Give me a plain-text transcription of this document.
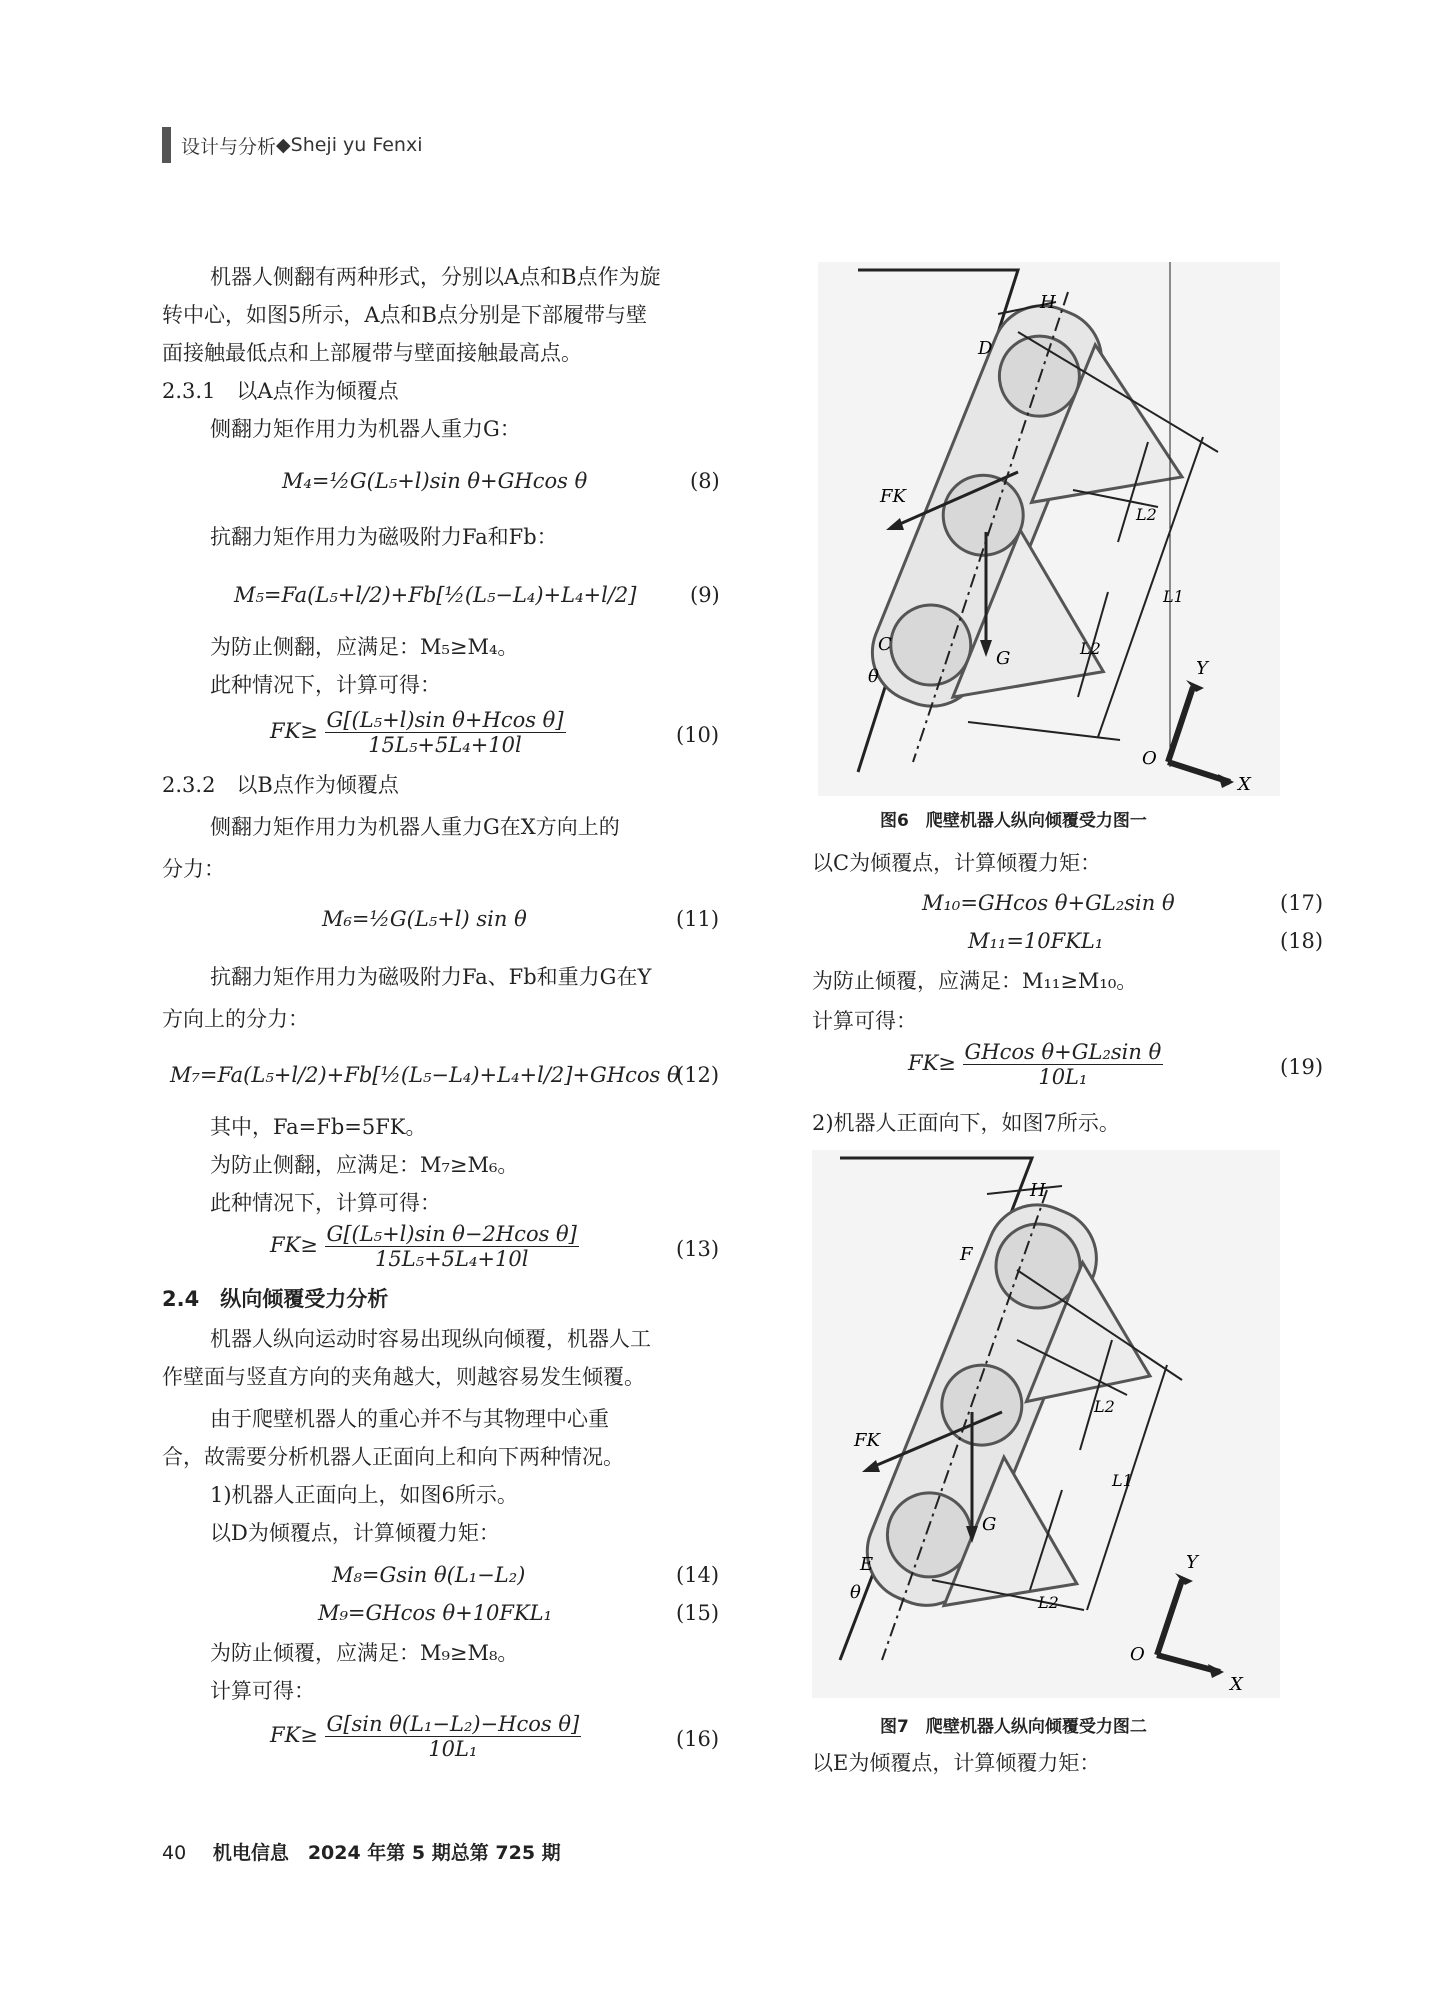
设计与分析 ◆ Sheji yu Fenxi
机器人侧翻有两种形式，分别以A点和B点作为旋
转中心，如图5所示，A点和B点分别是下部履带与壁
面接触最低点和上部履带与壁面接触最高点。
2.3.1　以A点作为倾覆点
侧翻力矩作用力为机器人重力G：
M₄=½G(L₅+l)sin θ+GHcos θ	(8)
抗翻力矩作用力为磁吸附力Fa和Fb：
M₅=Fa(L₅+l/2)+Fb[½(L₅−L₄)+L₄+l/2]	(9)
为防止侧翻，应满足：M₅≥M₄。
此种情况下，计算可得：
$FK\ge \frac{\text{G[(L₅+l)sin θ+Hcos θ]}}{\text{15L₅+5L₄+10l}}$	(10)
2.3.2　以B点作为倾覆点
侧翻力矩作用力为机器人重力G在X方向上的
分力：
M₆=½G(L₅+l) sin θ	(11)
抗翻力矩作用力为磁吸附力Fa、Fb和重力G在Y
方向上的分力：
M₇=Fa(L₅+l/2)+Fb[½(L₅−L₄)+L₄+l/2]+GHcos θ
(12)
其中，Fa=Fb=5FK。
为防止侧翻，应满足：M₇≥M₆。
此种情况下，计算可得：
$FK\ge \frac{\text{G[(L₅+l)sin θ−2Hcos θ]}}{\text{15L₅+5L₄+10l}}$	(13)
2.4　纵向倾覆受力分析
机器人纵向运动时容易出现纵向倾覆，机器人工
作壁面与竖直方向的夹角越大，则越容易发生倾覆。
由于爬壁机器人的重心并不与其物理中心重
合，故需要分析机器人正面向上和向下两种情况。
1)机器人正面向上，如图6所示。
以D为倾覆点，计算倾覆力矩：
M₈=Gsin θ(L₁−L₂)	(14)
M₉=GHcos θ+10FKL₁	(15)
为防止倾覆，应满足：M₉≥M₈。
计算可得：
$FK\ge \frac{\text{G[sin θ(L₁−L₂)−Hcos θ]}}{\text{10L₁}}$	(16)
H
D
FK
L2
L1
C
θ
G	L2
Y
O
X
图6　爬壁机器人纵向倾覆受力图一
以C为倾覆点，计算倾覆力矩：
M₁₀=GHcos θ+GL₂sin θ	(17)
M₁₁=10FKL₁	(18)
为防止倾覆，应满足：M₁₁≥M₁₀。
计算可得：
$FK\ge \frac{\text{GHcos θ+GL₂sin θ}}{\text{10L₁}}$	(19)
2)机器人正面向下，如图7所示。
以E为倾覆点，计算倾覆力矩：
H
F
FK
L2
L1
E
θ
G
L2
Y
O
X
图7　爬壁机器人纵向倾覆受力图二
40 机电信息　2024 年第 5 期总第 725 期
